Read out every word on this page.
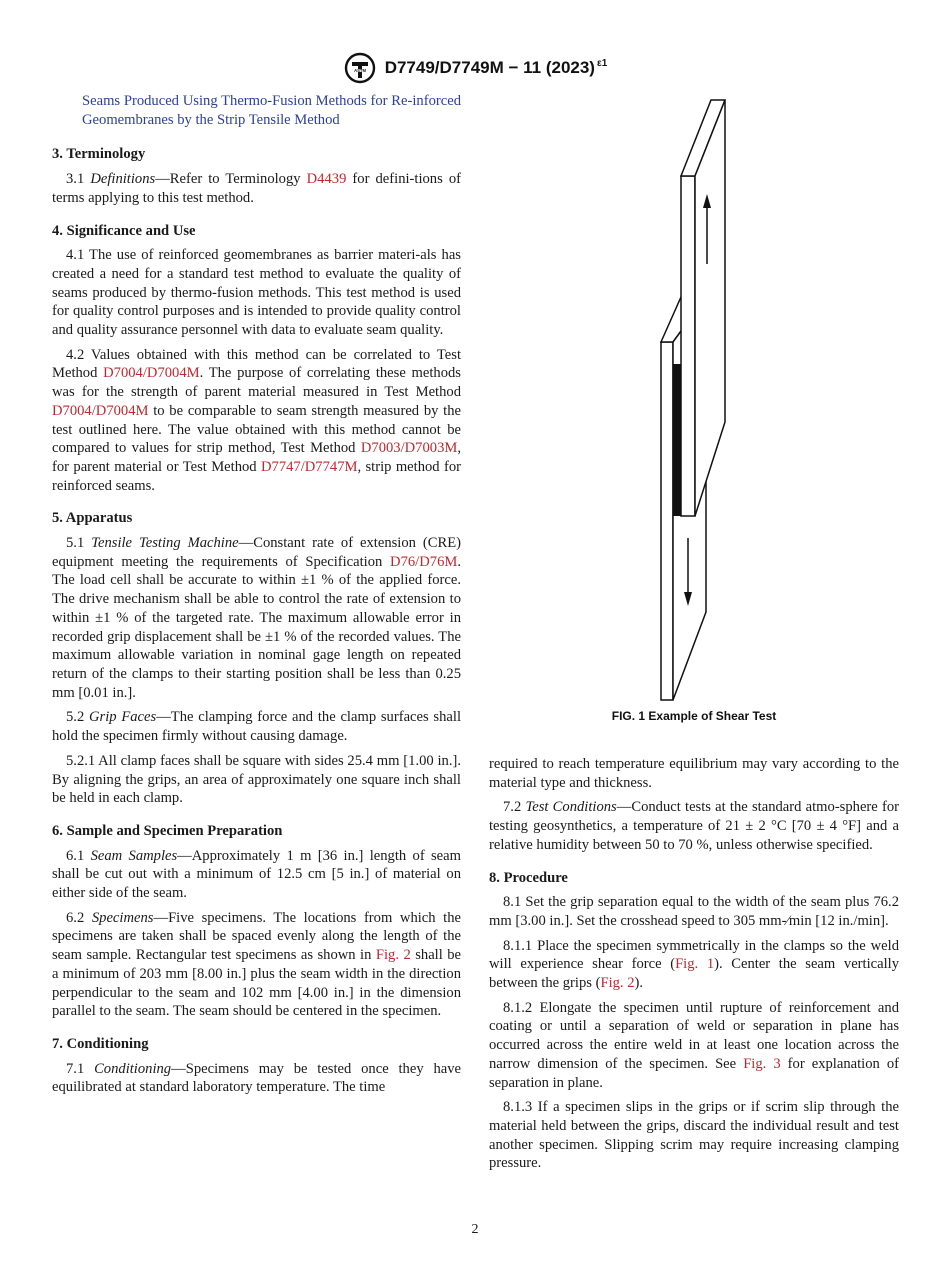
ASTM D7749/D7749M − 11 (2023) $^{\varepsilon 1}$

Seams Produced Using Thermo-Fusion Methods for Re-inforced Geomembranes by the Strip Tensile Method

3. Terminology

3.1 Definitions—Refer to Terminology D4439 for defini-tions of terms applying to this test method.

4. Significance and Use

4.1 The use of reinforced geomembranes as barrier materi-als has created a need for a standard test method to evaluate the quality of seams produced by thermo-fusion methods. This test method is used for quality control purposes and is intended to provide quality control and quality assurance personnel with data to evaluate seam quality.

4.2 Values obtained with this method can be correlated to Test Method D7004/D7004M. The purpose of correlating these methods was for the strength of parent material measured in Test Method D7004/D7004M to be comparable to seam strength measured by the test outlined here. The value obtained with this method cannot be compared to values for strip method, Test Method D7003/D7003M, for parent material or Test Method D7747/D7747M, strip method for reinforced seams.

5. Apparatus

5.1 Tensile Testing Machine—Constant rate of extension (CRE) equipment meeting the requirements of Specification D76/D76M. The load cell shall be accurate to within ±1 % of the applied force. The drive mechanism shall be able to control the rate of extension to within ±1 % of the targeted rate. The maximum allowable error in recorded grip displacement shall be ±1 % of the recorded values. The maximum allowable variation in nominal gage length on repeated return of the clamps to their starting position shall be less than 0.25 mm [0.01 in.].

5.2 Grip Faces—The clamping force and the clamp surfaces shall hold the specimen firmly without causing damage.

5.2.1 All clamp faces shall be square with sides 25.4 mm [1.00 in.]. By aligning the grips, an area of approximately one square inch shall be held in each clamp.

6. Sample and Specimen Preparation

6.1 Seam Samples—Approximately 1 m [36 in.] length of seam shall be cut out with a minimum of 12.5 cm [5 in.] of material on either side of the seam.

6.2 Specimens—Five specimens. The locations from which the specimens are taken shall be spaced evenly along the length of the seam sample. Rectangular test specimens as shown in Fig. 2 shall be a minimum of 203 mm [8.00 in.] plus the seam width in the direction perpendicular to the seam and 102 mm [4.00 in.] in the dimension parallel to the seam. The seam should be centered in the specimen.

7. Conditioning

7.1 Conditioning—Specimens may be tested once they have equilibrated at standard laboratory temperature. The time

FIG. 1 Example of Shear Test

required to reach temperature equilibrium may vary according to the material type and thickness.

7.2 Test Conditions—Conduct tests at the standard atmo-sphere for testing geosynthetics, a temperature of 21 ± 2 °C [70 ± 4 °F] and a relative humidity between 50 to 70 %, unless otherwise specified.

8. Procedure

8.1 Set the grip separation equal to the width of the seam plus 76.2 mm [3.00 in.]. Set the crosshead speed to 305 mm-⁄min [12 in./min].

8.1.1 Place the specimen symmetrically in the clamps so the weld will experience shear force (Fig. 1). Center the seam vertically between the grips (Fig. 2).

8.1.2 Elongate the specimen until rupture of reinforcement and coating or until a separation of weld or separation in plane has occurred across the entire weld in at least one location across the narrow dimension of the specimen. See Fig. 3 for explanation of separation in plane.

8.1.3 If a specimen slips in the grips or if scrim slip through the material held between the grips, discard the individual result and test another specimen. Slipping scrim may require increasing clamping pressure.

2
